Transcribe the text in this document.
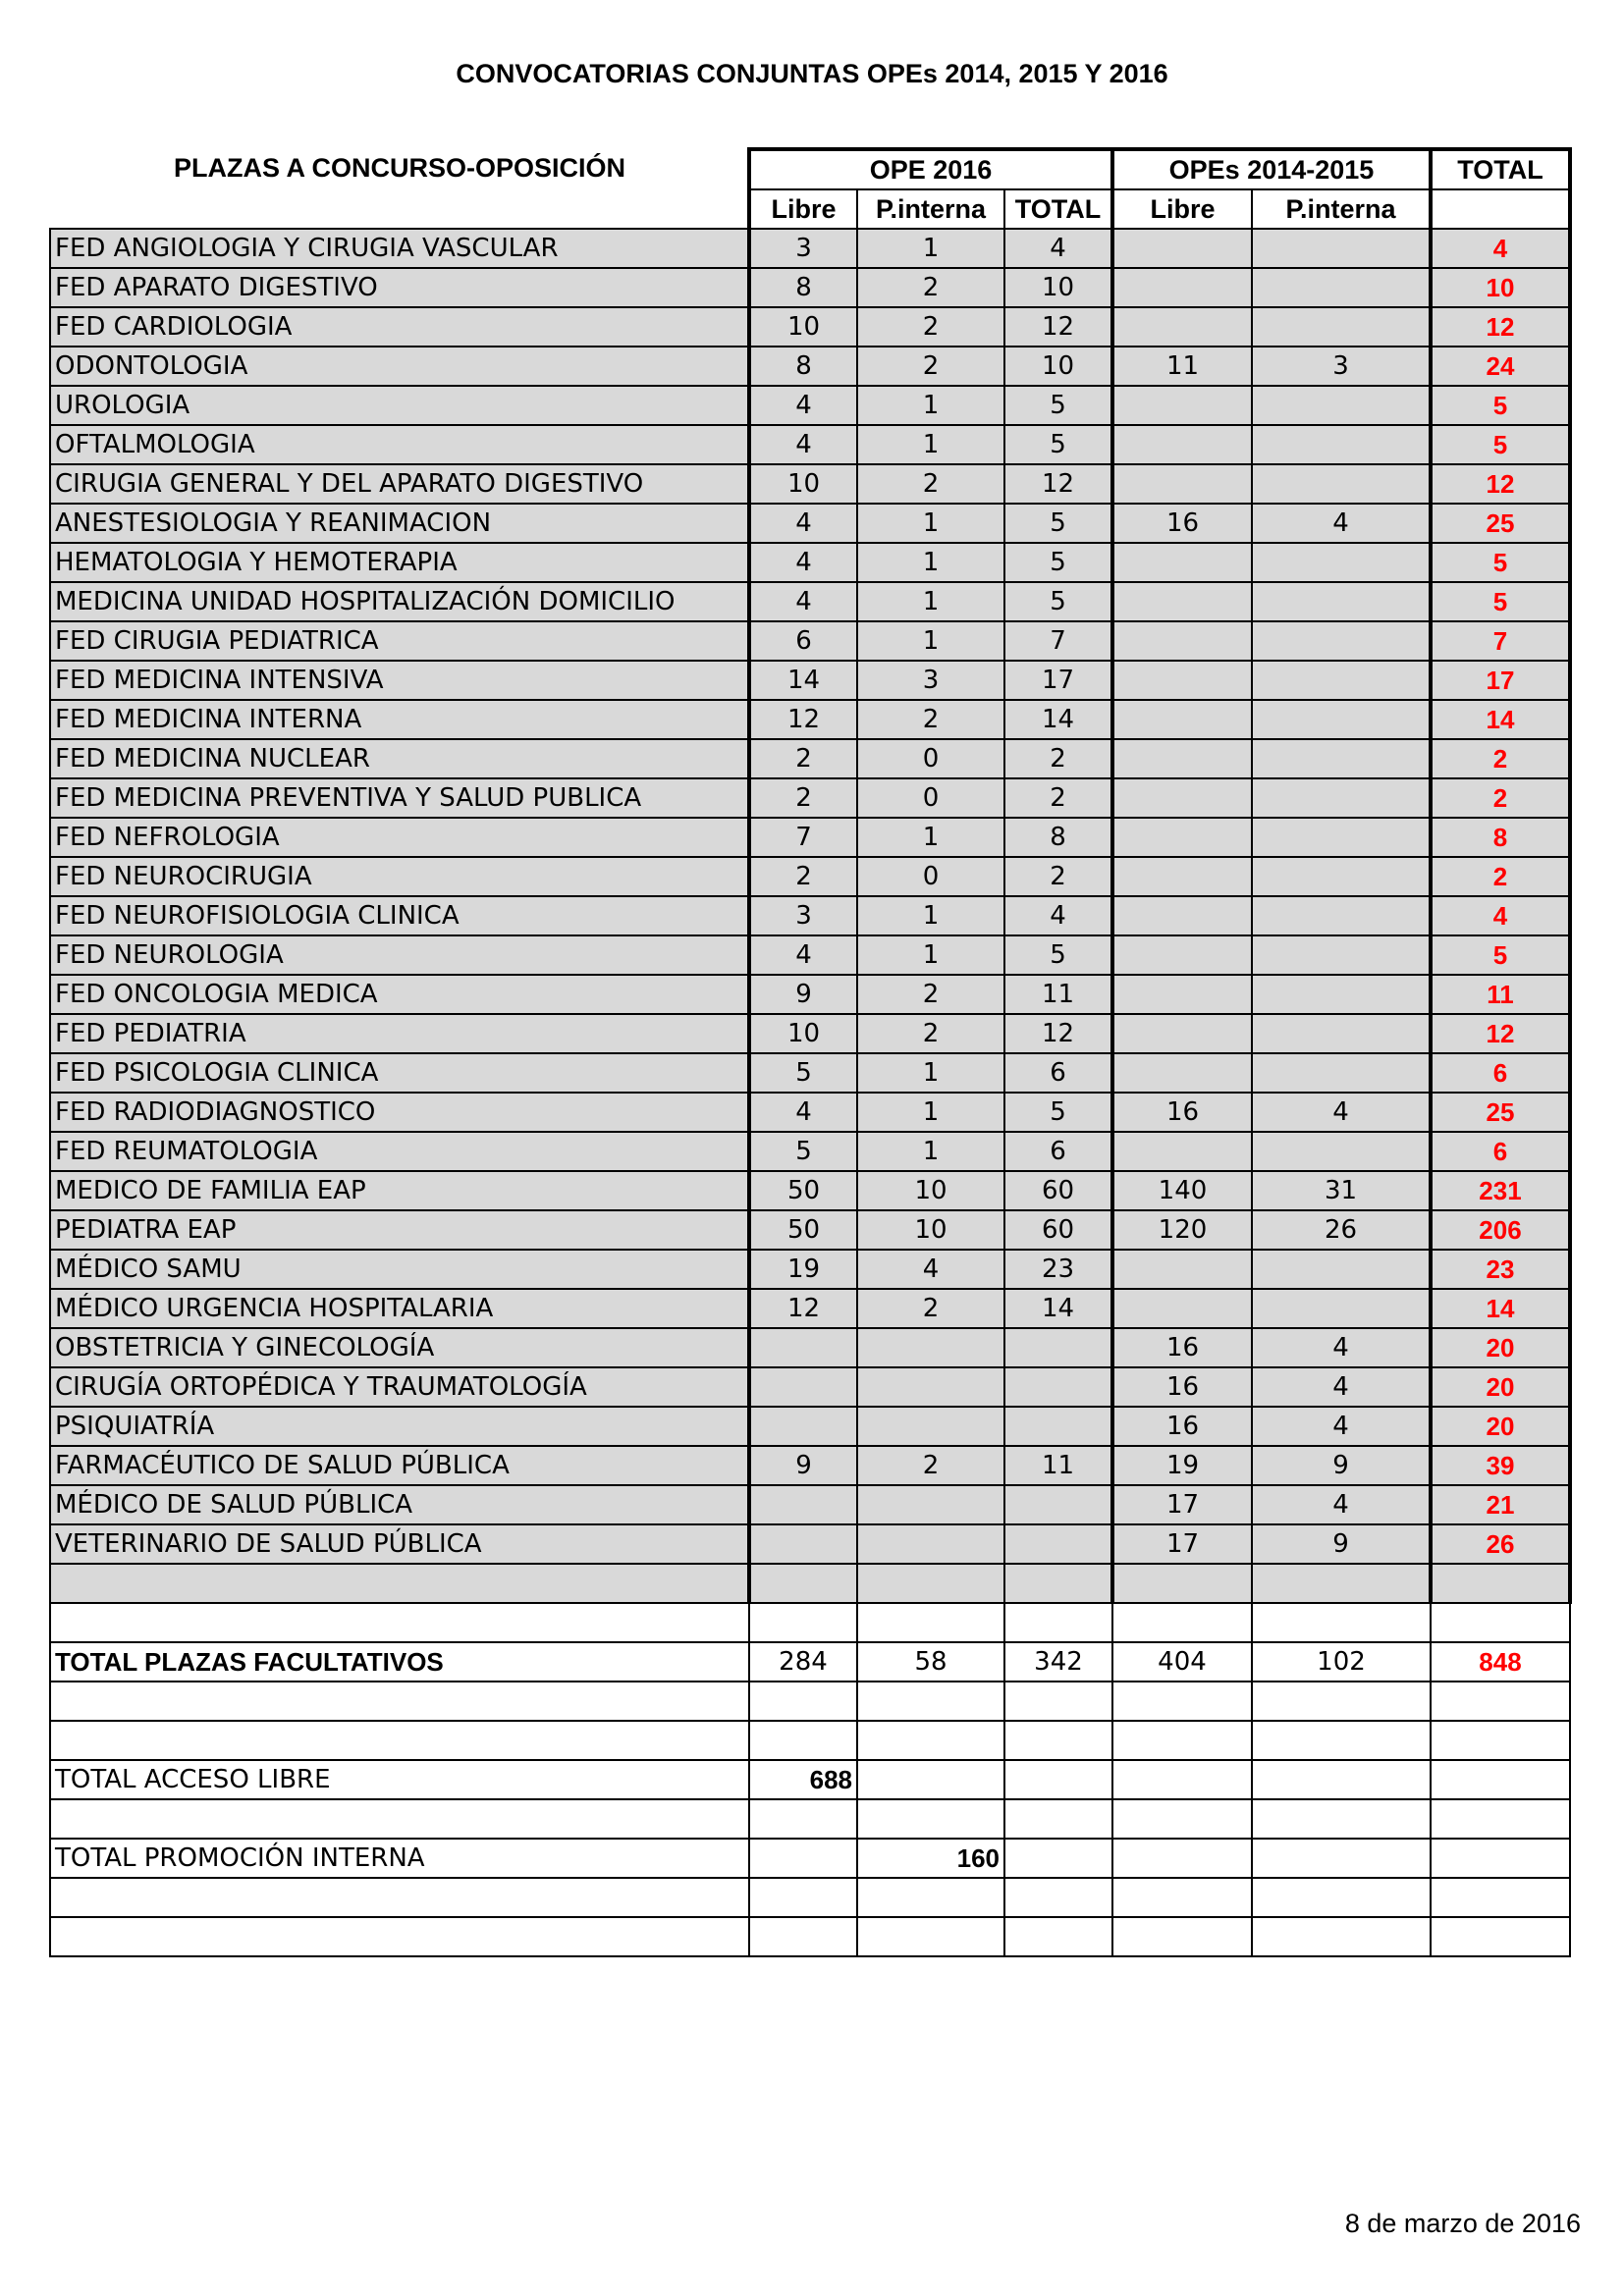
CONVOCATORIAS CONJUNTAS OPEs 2014, 2015 Y 2016
PLAZAS A CONCURSO-OPOSICIÓN
		OPE 2016			OPEs 2014-2015		TOTAL
	Libre	P.interna	TOTAL	Libre	P.interna	
FED ANGIOLOGIA Y CIRUGIA VASCULAR	3	1	4			4
FED APARATO DIGESTIVO	8	2	10			10
FED CARDIOLOGIA	10	2	12			12
ODONTOLOGIA	8	2	10	11	3	24
UROLOGIA	4	1	5			5
OFTALMOLOGIA	4	1	5			5
CIRUGIA GENERAL Y DEL APARATO DIGESTIVO	10	2	12			12
ANESTESIOLOGIA Y REANIMACION	4	1	5	16	4	25
HEMATOLOGIA Y HEMOTERAPIA	4	1	5			5
MEDICINA UNIDAD HOSPITALIZACIÓN DOMICILIO	4	1	5			5
FED CIRUGIA PEDIATRICA	6	1	7			7
FED MEDICINA INTENSIVA	14	3	17			17
FED MEDICINA INTERNA	12	2	14			14
FED MEDICINA NUCLEAR	2	0	2			2
FED MEDICINA PREVENTIVA Y SALUD PUBLICA	2	0	2			2
FED NEFROLOGIA	7	1	8			8
FED NEUROCIRUGIA	2	0	2			2
FED NEUROFISIOLOGIA CLINICA	3	1	4			4
FED NEUROLOGIA	4	1	5			5
FED ONCOLOGIA MEDICA	9	2	11			11
FED PEDIATRIA	10	2	12			12
FED PSICOLOGIA CLINICA	5	1	6			6
FED RADIODIAGNOSTICO	4	1	5	16	4	25
FED REUMATOLOGIA	5	1	6			6
MEDICO DE FAMILIA EAP	50	10	60	140	31	231
PEDIATRA EAP	50	10	60	120	26	206
MÉDICO SAMU	19	4	23			23
MÉDICO URGENCIA HOSPITALARIA	12	2	14			14
OBSTETRICIA Y GINECOLOGÍA				16	4	20
CIRUGÍA ORTOPÉDICA Y TRAUMATOLOGÍA				16	4	20
PSIQUIATRÍA				16	4	20
FARMACÉUTICO DE SALUD PÚBLICA	9	2	11	19	9	39
MÉDICO DE SALUD PÚBLICA				17	4	21
VETERINARIO DE SALUD PÚBLICA				17	9	26

TOTAL PLAZAS FACULTATIVOS	284	58	342	404	102	848

TOTAL ACCESO LIBRE	688					

TOTAL PROMOCIÓN INTERNA		160				

8 de marzo de 2016
